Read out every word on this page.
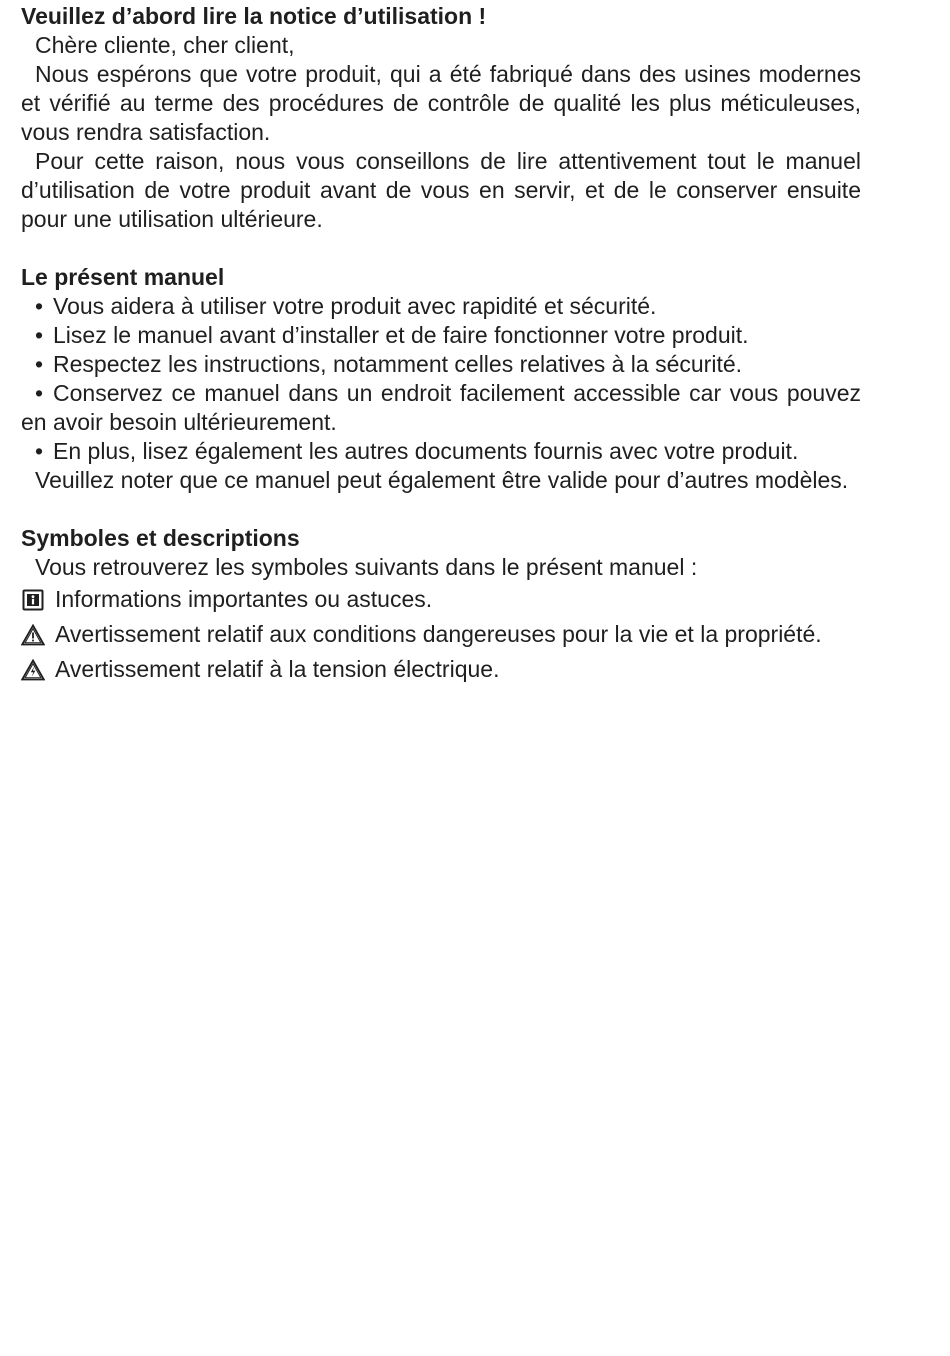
Veuillez d’abord lire la notice d’utilisation !

Chère cliente, cher client,

Nous espérons que votre produit, qui a été fabriqué dans des usines modernes et vérifié au terme des procédures de contrôle de qualité les plus méticuleuses, vous rendra satisfaction.

Pour cette raison, nous vous conseillons de lire attentivement tout le manuel d’utilisation de votre produit avant de vous en servir, et de le conserver ensuite pour une utilisation ultérieure.

Le présent manuel

• Vous aidera à utiliser votre produit avec rapidité et sécurité.

• Lisez le manuel avant d’installer et de faire fonctionner votre produit.

• Respectez les instructions, notamment celles relatives à la sécurité.

• Conservez ce manuel dans un endroit facilement accessible car vous pouvez en avoir besoin ultérieurement.

• En plus, lisez également les autres documents fournis avec votre produit.

Veuillez noter que ce manuel peut également être valide pour d’autres modèles.

Symboles et descriptions

Vous retrouverez les symboles suivants dans le présent manuel :

Informations importantes ou astuces.
Avertissement relatif aux conditions dangereuses pour la vie et la propriété.
Avertissement relatif à la tension électrique.
